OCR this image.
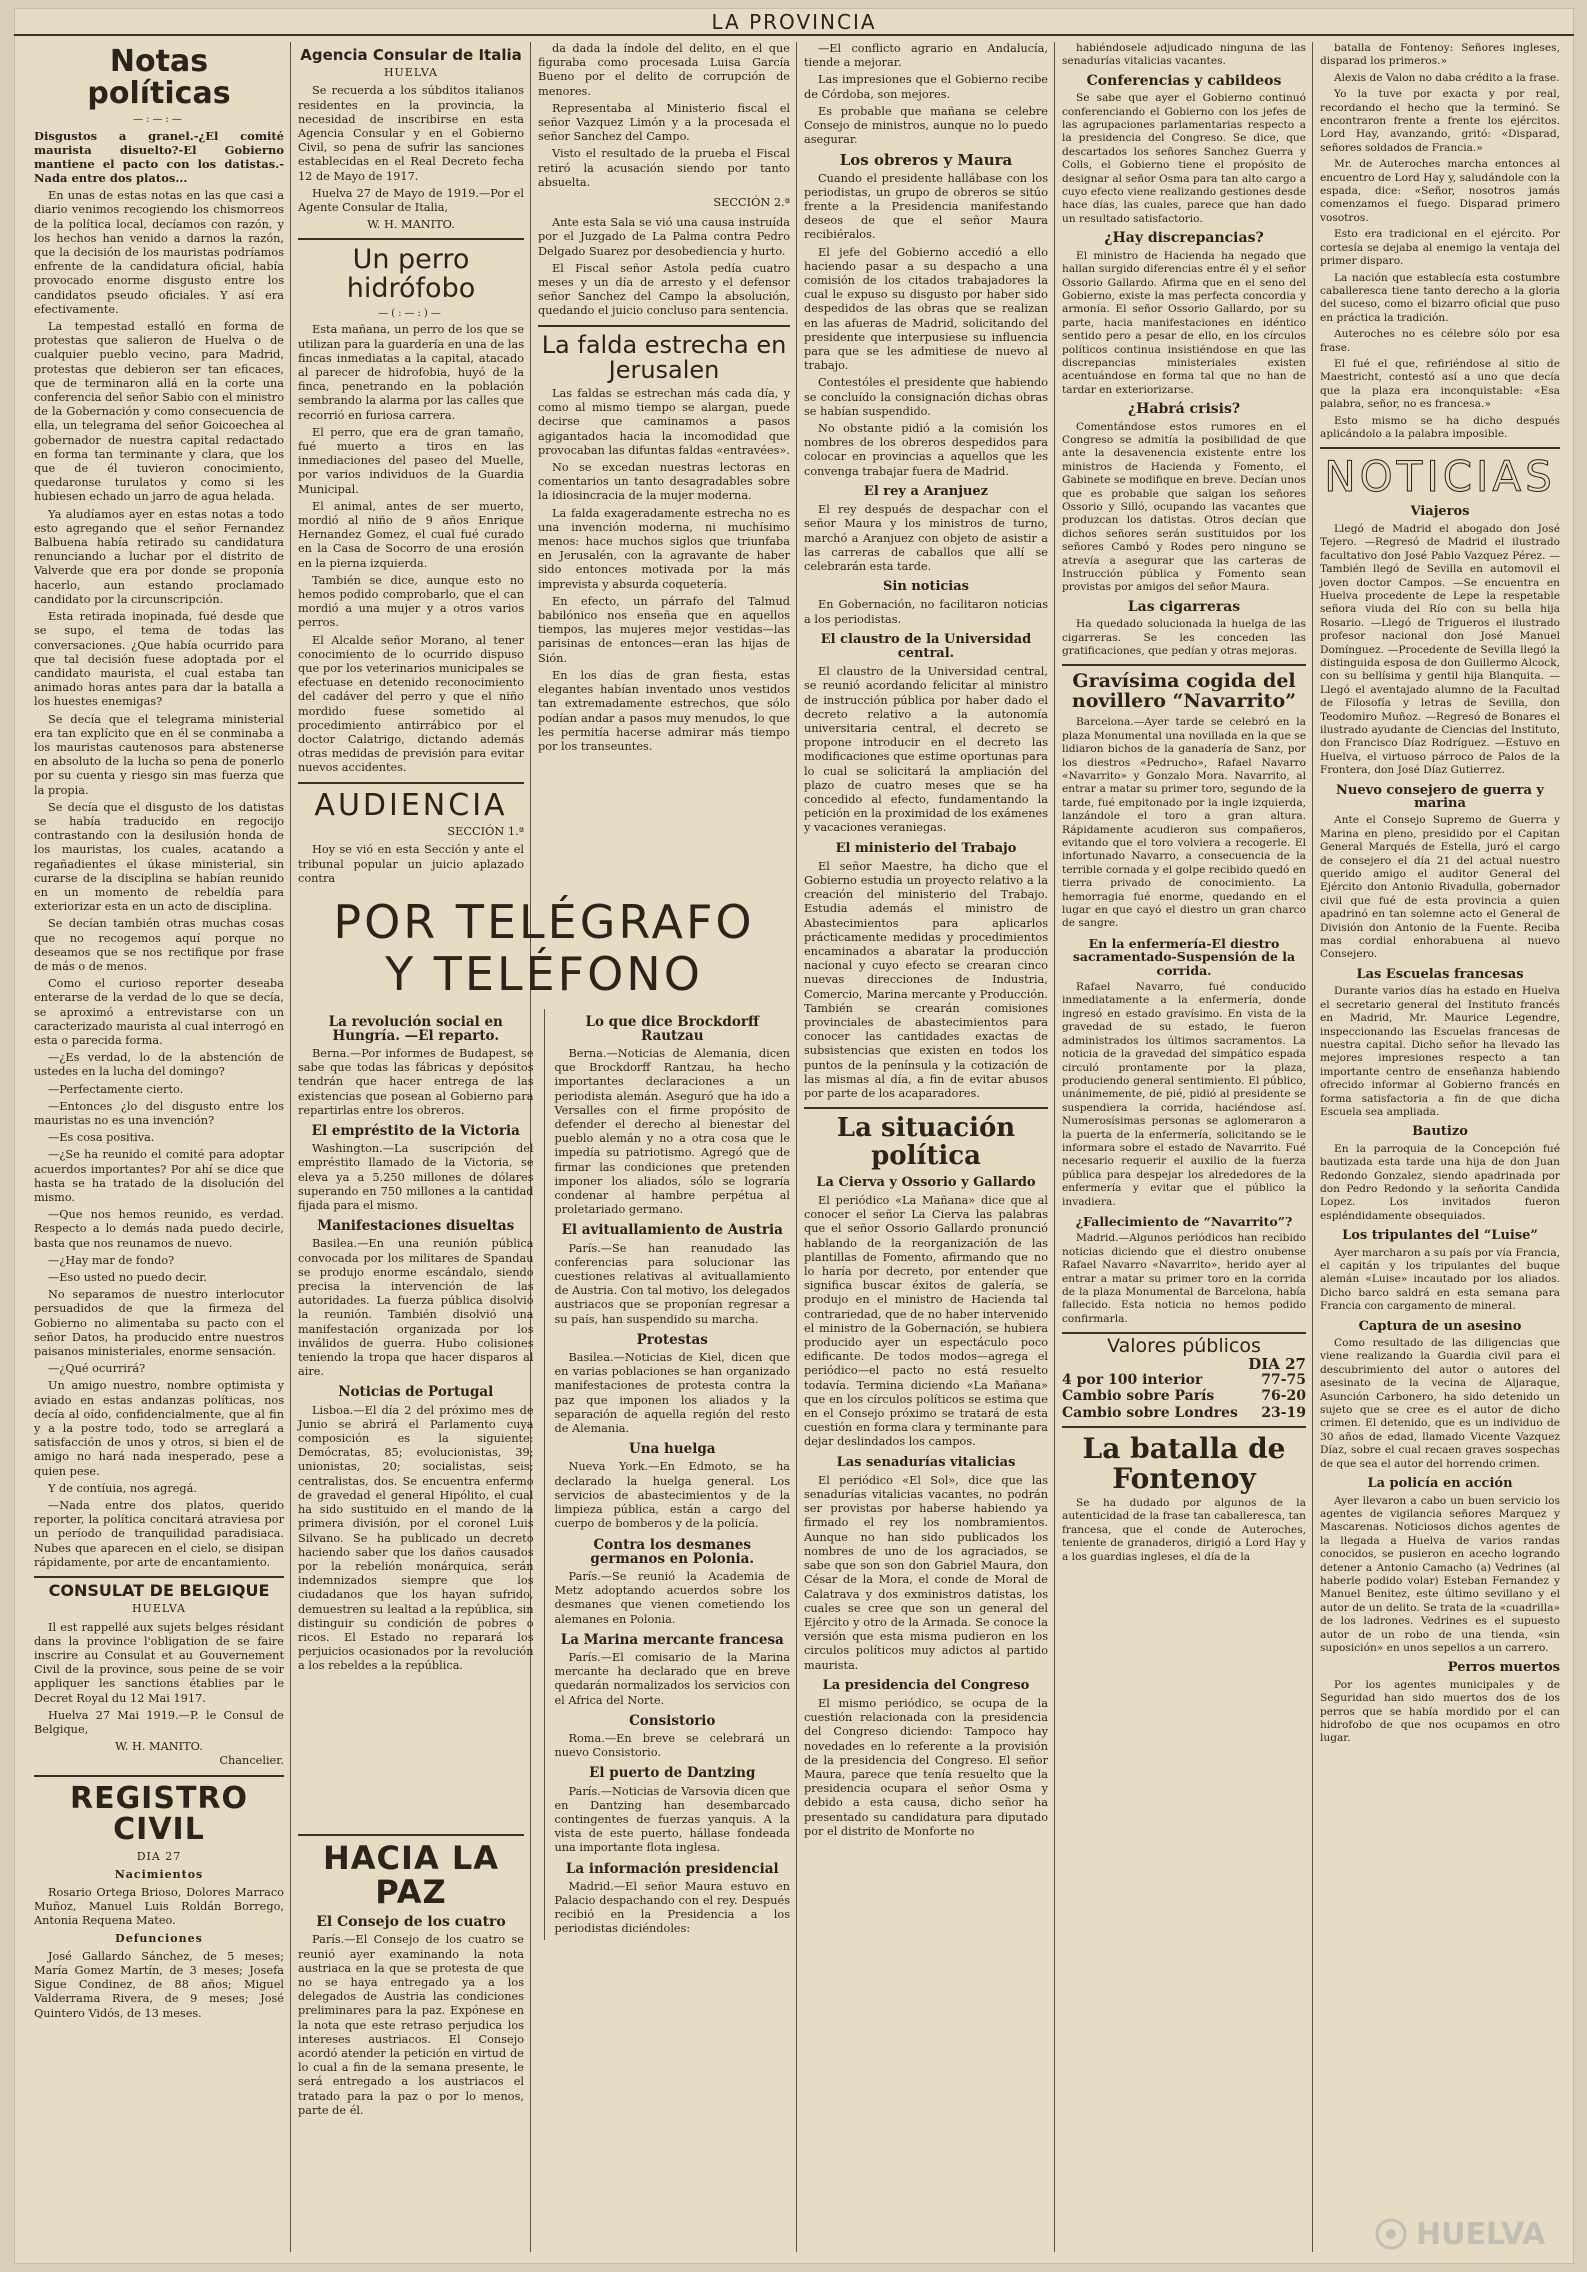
LA PROVINCIA
Notas políticas
—:—:—
Disgustos a granel.-¿El comité maurista disuelto?-El Gobierno mantiene el pacto con los datistas.-Nada entre dos platos...

En unas de estas notas en las que casi a diario venimos recogiendo los chismorreos de la política local, decíamos con razón, y los hechos han venido a darnos la razón, que la decisión de los mauristas podríamos enfrente de la candidatura oficial, había provocado enorme disgusto entre los candidatos pseudo oficiales. Y así era efectivamente.

La tempestad estalló en forma de protestas que salieron de Huelva o de cualquier pueblo vecino, para Madrid, protestas que debieron ser tan eficaces, que de terminaron allá en la corte una conferencia del señor Sabio con el ministro de la Gobernación y como consecuencia de ella, un telegrama del señor Goicoechea al gobernador de nuestra capital redactado en forma tan terminante y clara, que los que de él tuvieron conocimiento, quedaronse turulatos y como si les hubiesen echado un jarro de agua helada.

Ya aludíamos ayer en estas notas a todo esto agregando que el señor Fernandez Balbuena había retirado su candidatura renunciando a luchar por el distrito de Valverde que era por donde se proponía hacerlo, aun estando proclamado candidato por la circunscripción.

Esta retirada inopinada, fué desde que se supo, el tema de todas las conversaciones. ¿Que había ocurrido para que tal decisión fuese adoptada por el candidato maurista, el cual estaba tan animado horas antes para dar la batalla a los huestes enemigas?

Se decía que el telegrama ministerial era tan explícito que en él se conminaba a los mauristas cautenosos para abstenerse en absoluto de la lucha so pena de ponerlo por su cuenta y riesgo sin mas fuerza que la propia.

Se decía que el disgusto de los datistas se había traducido en regocijo contrastando con la desilusión honda de los mauristas, los cuales, acatando a regañadientes el úkase ministerial, sin curarse de la disciplina se habían reunido en un momento de rebeldía para exteriorizar esta en un acto de disciplina.

Se decían también otras muchas cosas que no recogemos aquí porque no deseamos que se nos rectifique por frase de más o de menos.

Como el curioso reporter deseaba enterarse de la verdad de lo que se decía, se aproximó a entrevistarse con un caracterizado maurista al cual interrogó en esta o parecida forma.

—¿Es verdad, lo de la abstención de ustedes en la lucha del domingo?

—Perfectamente cierto.

—Entonces ¿lo del disgusto entre los mauristas no es una invención?

—Es cosa positiva.

—¿Se ha reunido el comité para adoptar acuerdos importantes? Por ahí se dice que hasta se ha tratado de la disolución del mismo.

—Que nos hemos reunido, es verdad. Respecto a lo demás nada puedo decirle, basta que nos reunamos de nuevo.

—¿Hay mar de fondo?

—Eso usted no puedo decir.

No separamos de nuestro interlocutor persuadidos de que la firmeza del Gobierno no alimentaba su pacto con el señor Datos, ha producido entre nuestros paisanos ministeriales, enorme sensación.

—¿Qué ocurrirá?

Un amigo nuestro, nombre optimista y aviado en estas andanzas políticas, nos decía al oído, confidencialmente, que al fin y a la postre todo, todo se arreglará a satisfacción de unos y otros, si bien el de amigo no hará nada inesperado, pese a quien pese.

Y de contíuia, nos agregá.

—Nada entre dos platos, querido reporter, la política concitará atraviesa por un período de tranquilidad paradisiaca. Nubes que aparecen en el cielo, se disipan rápidamente, por arte de encantamiento.

CONSULAT DE BELGIQUE
HUELVA

Il est rappellé aux sujets belges résidant dans la province l'obligation de se faire inscrire au Consulat et au Gouvernement Civil de la province, sous peine de se voir appliquer les sanctions établies par le Decret Royal du 12 Mai 1917.

Huelva 27 Mai 1919.—P. le Consul de Belgique,

W. H. MANITO.
Chancelier.
REGISTRO CIVIL
DIA 27
Nacimientos

Rosario Ortega Brioso, Dolores Marraco Muñoz, Manuel Luis Roldán Borrego, Antonia Requena Mateo.

Defunciones

José Gallardo Sánchez, de 5 meses; María Gomez Martín, de 3 meses; Josefa Sigue Condinez, de 88 años; Miguel Valderrama Rivera, de 9 meses; José Quintero Vidós, de 13 meses.

Agencia Consular de Italia
HUELVA

Se recuerda a los súbditos italianos residentes en la provincia, la necesidad de inscribirse en esta Agencia Consular y en el Gobierno Civil, so pena de sufrir las sanciones establecidas en el Real Decreto fecha 12 de Mayo de 1917.

Huelva 27 de Mayo de 1919.—Por el Agente Consular de Italia,

W. H. MANITO.
Un perro hidrófobo
—(:—:)—

Esta mañana, un perro de los que se utilizan para la guardería en una de las fincas inmediatas a la capital, atacado al parecer de hidrofobia, huyó de la finca, penetrando en la población sembrando la alarma por las calles que recorrió en furiosa carrera.

El perro, que era de gran tamaño, fué muerto a tiros en las inmediaciones del paseo del Muelle, por varios individuos de la Guardia Municipal.

El animal, antes de ser muerto, mordió al niño de 9 años Enrique Hernandez Gomez, el cual fué curado en la Casa de Socorro de una erosión en la pierna izquierda.

También se dice, aunque esto no hemos podido comprobarlo, que el can mordió a una mujer y a otros varios perros.

El Alcalde señor Morano, al tener conocimiento de lo ocurrido dispuso que por los veterinarios municipales se efectuase en detenido reconocimiento del cadáver del perro y que el niño mordido fuese sometido al procedimiento antirrábico por el doctor Calatrigo, dictando además otras medidas de previsión para evitar nuevos accidentes.

AUDIENCIA
SECCIÓN 1.ª

Hoy se vió en esta Sección y ante el tribunal popular un juicio aplazado contra

da dada la índole del delito, en el que figuraba como procesada Luisa García Bueno por el delito de corrupción de menores.

Representaba al Ministerio fiscal el señor Vazquez Limón y a la procesada el señor Sanchez del Campo.

Visto el resultado de la prueba el Fiscal retiró la acusación siendo por tanto absuelta.

SECCIÓN 2.ª

Ante esta Sala se vió una causa instruída por el Juzgado de La Palma contra Pedro Delgado Suarez por desobediencia y hurto.

El Fiscal señor Astola pedía cuatro meses y un día de arresto y el defensor señor Sanchez del Campo la absolución, quedando el juicio concluso para sentencia.

La falda estrecha en Jerusalen

Las faldas se estrechan más cada día, y como al mismo tiempo se alargan, puede decirse que caminamos a pasos agigantados hacia la incomodidad que provocaban las difuntas faldas «entravées».

No se excedan nuestras lectoras en comentarios un tanto desagradables sobre la idiosincracia de la mujer moderna.

La falda exageradamente estrecha no es una invención moderna, ni muchísimo menos: hace muchos siglos que triunfaba en Jerusalén, con la agravante de haber sido entonces motivada por la más imprevista y absurda coquetería.

En efecto, un párrafo del Talmud babilónico nos enseña que en aquellos tiempos, las mujeres mejor vestidas—las parisinas de entonces—eran las hijas de Sión.

En los días de gran fiesta, estas elegantes habían inventado unos vestidos tan extremadamente estrechos, que sólo podían andar a pasos muy menudos, lo que les permitía hacerse admirar más tiempo por los transeuntes.

POR TELÉGRAFO
Y TELÉFONO
La revolución social en Hungría. —El reparto.

Berna.—Por informes de Budapest, se sabe que todas las fábricas y depósitos tendrán que hacer entrega de las existencias que posean al Gobierno para repartirlas entre los obreros.

El empréstito de la Victoria

Washington.—La suscripción del empréstito llamado de la Victoria, se eleva ya a 5.250 millones de dólares superando en 750 millones a la cantidad fijada para el mismo.

Manifestaciones disueltas

Basilea.—En una reunión pública convocada por los militares de Spandau se produjo enorme escándalo, siendo precisa la intervención de las autoridades. La fuerza pública disolvió la reunión. También disolvió una manifestación organizada por los inválidos de guerra. Hubo colisiones teniendo la tropa que hacer disparos al aire.

Noticias de Portugal

Lisboa.—El día 2 del próximo mes de Junio se abrirá el Parlamento cuya composición es la siguiente: Demócratas, 85; evolucionistas, 39; unionistas, 20; socialistas, seis; centralistas, dos. Se encuentra enfermo de gravedad el general Hipólito, el cual ha sido sustituido en el mando de la primera división, por el coronel Luis Silvano. Se ha publicado un decreto haciendo saber que los daños causados por la rebelión monárquica, serán indemnizados siempre que los ciudadanos que los hayan sufrido, demuestren su lealtad a la república, sin distinguir su condición de pobres o ricos. El Estado no reparará los perjuicios ocasionados por la revolución a los rebeldes a la república.

Lo que dice Brockdorff Rautzau

Berna.—Noticias de Alemania, dicen que Brockdorff Rantzau, ha hecho importantes declaraciones a un periodista alemán. Aseguró que ha ido a Versalles con el firme propósito de defender el derecho al bienestar del pueblo alemán y no a otra cosa que le impedía su patriotismo. Agregó que de firmar las condiciones que pretenden imponer los aliados, sólo se lograría condenar al hambre perpétua al proletariado germano.

El avituallamiento de Austria

París.—Se han reanudado las conferencias para solucionar las cuestiones relativas al avituallamiento de Austria. Con tal motivo, los delegados austriacos que se proponían regresar a su país, han suspendido su marcha.

Protestas

Basilea.—Noticias de Kiel, dicen que en varias poblaciones se han organizado manifestaciones de protesta contra la paz que imponen los aliados y la separación de aquella región del resto de Alemania.

Una huelga

Nueva York.—En Edmoto, se ha declarado la huelga general. Los servicios de abastecimientos y de la limpieza pública, están a cargo del cuerpo de bomberos y de la policía.

Contra los desmanes germanos en Polonia.

París.—Se reunió la Academia de Metz adoptando acuerdos sobre los desmanes que vienen cometiendo los alemanes en Polonia.

La Marina mercante francesa

París.—El comisario de la Marina mercante ha declarado que en breve quedarán normalizados los servicios con el Africa del Norte.

Consistorio

Roma.—En breve se celebrará un nuevo Consistorio.

El puerto de Dantzing

París.—Noticias de Varsovia dicen que en Dantzing han desembarcado contingentes de fuerzas yanquis. A la vista de este puerto, hállase fondeada una importante flota inglesa.

La información presidencial

Madrid.—El señor Maura estuvo en Palacio despachando con el rey. Después recibió en la Presidencia a los periodistas diciéndoles:

HACIA LA PAZ
El Consejo de los cuatro

París.—El Consejo de los cuatro se reunió ayer examinando la nota austriaca en la que se protesta de que no se haya entregado ya a los delegados de Austria las condiciones preliminares para la paz. Expónese en la nota que este retraso perjudica los intereses austriacos. El Consejo acordó atender la petición en virtud de lo cual a fin de la semana presente, le será entregado a los austriacos el tratado para la paz o por lo menos, parte de él.

—El conflicto agrario en Andalucía, tiende a mejorar.

Las impresiones que el Gobierno recibe de Córdoba, son mejores.

Es probable que mañana se celebre Consejo de ministros, aunque no lo puedo asegurar.

Los obreros y Maura

Cuando el presidente hallábase con los periodistas, un grupo de obreros se sitúo frente a la Presidencia manifestando deseos de que el señor Maura recibiéralos.

El jefe del Gobierno accedió a ello haciendo pasar a su despacho a una comisión de los citados trabajadores la cual le expuso su disgusto por haber sido despedidos de las obras que se realizan en las afueras de Madrid, solicitando del presidente que interpusiese su influencia para que se les admitiese de nuevo al trabajo.

Contestóles el presidente que habiendo se concluído la consignación dichas obras se habían suspendido.

No obstante pidió a la comisión los nombres de los obreros despedidos para colocar en provincias a aquellos que les convenga trabajar fuera de Madrid.

El rey a Aranjuez

El rey después de despachar con el señor Maura y los ministros de turno, marchó a Aranjuez con objeto de asistir a las carreras de caballos que allí se celebrarán esta tarde.

Sin noticias

En Gobernación, no facilitaron noticias a los periodistas.

El claustro de la Universidad central.

El claustro de la Universidad central, se reunió acordando felicitar al ministro de instrucción pública por haber dado el decreto relativo a la autonomía universitaria central, el decreto se propone introducir en el decreto las modificaciones que estime oportunas para lo cual se solicitará la ampliación del plazo de cuatro meses que se ha concedido al efecto, fundamentando la petición en la proximidad de los exámenes y vacaciones veraniegas.

El ministerio del Trabajo

El señor Maestre, ha dicho que el Gobierno estudia un proyecto relativo a la creación del ministerio del Trabajo. Estudia además el ministro de Abastecimientos para aplicarlos prácticamente medidas y procedimientos encaminados a abaratar la producción nacional y cuyo efecto se crearan cinco nuevas direcciones de Industria, Comercio, Marina mercante y Producción. También se crearán comisiones provinciales de abastecimientos para conocer las cantidades exactas de subsistencias que existen en todos los puntos de la península y la cotización de las mismas al día, a fin de evitar abusos por parte de los acaparadores.

La situación política
La Cierva y Ossorio y Gallardo

El periódico «La Mañana» dice que al conocer el señor La Cierva las palabras que el señor Ossorio Gallardo pronunció hablando de la reorganización de las plantillas de Fomento, afirmando que no lo haría por decreto, por entender que significa buscar éxitos de galería, se produjo en el ministro de Hacienda tal contrariedad, que de no haber intervenido el ministro de la Gobernación, se hubiera producido ayer un espectáculo poco edificante. De todos modos—agrega el periódico—el pacto no está resuelto todavía. Termina diciendo «La Mañana» que en los círculos políticos se estima que en el Consejo próximo se tratará de esta cuestión en forma clara y terminante para dejar deslindados los campos.

Las senadurías vitalicias

El periódico «El Sol», dice que las senadurías vitalicias vacantes, no podrán ser provistas por haberse habiendo ya firmado el rey los nombramientos. Aunque no han sido publicados los nombres de uno de los agraciados, se sabe que son son don Gabriel Maura, don César de la Mora, el conde de Moral de Calatrava y dos exministros datistas, los cuales se cree que son un general del Ejército y otro de la Armada. Se conoce la versión que esta misma pudieron en los circulos políticos muy adictos al partido maurista.

La presidencia del Congreso

El mismo periódico, se ocupa de la cuestión relacionada con la presidencia del Congreso diciendo: Tampoco hay novedades en lo referente a la provisión de la presidencia del Congreso. El señor Maura, parece que tenía resuelto que la presidencia ocupara el señor Osma y debido a esta causa, dicho señor ha presentado su candidatura para diputado por el distrito de Monforte no

habiéndosele adjudicado ninguna de las senadurías vitalicias vacantes.

Conferencias y cabildeos

Se sabe que ayer el Gobierno continuó conferenciando el Gobierno con los jefes de las agrupaciones parlamentarias respecto a la presidencia del Congreso. Se dice, que descartados los señores Sanchez Guerra y Colls, el Gobierno tiene el propósito de designar al señor Osma para tan alto cargo a cuyo efecto viene realizando gestiones desde hace días, las cuales, parece que han dado un resultado satisfactorio.

¿Hay discrepancias?

El ministro de Hacienda ha negado que hallan surgido diferencias entre él y el señor Ossorio Gallardo. Afirma que en el seno del Gobierno, existe la mas perfecta concordia y armonía. El señor Ossorio Gallardo, por su parte, hacia manifestaciones en idéntico sentido pero a pesar de ello, en los círculos políticos continua insistiéndose en que las discrepancias ministeriales existen acentuándose en forma tal que no han de tardar en exteriorizarse.

¿Habrá crisis?

Comentándose estos rumores en el Congreso se admitía la posibilidad de que ante la desavenencia existente entre los ministros de Hacienda y Fomento, el Gabinete se modifique en breve. Decían unos que es probable que salgan los señores Ossorio y Silló, ocupando las vacantes que produzcan los datistas. Otros decían que dichos señores serán sustituidos por los señores Cambó y Rodes pero ninguno se atrevía a asegurar que las carteras de Instrucción pública y Fomento sean provistas por amigos del señor Maura.

Las cigarreras

Ha quedado solucionada la huelga de las cigarreras. Se les conceden las gratificaciones, que pedían y otras mejoras.

Gravísima cogida del novillero “Navarrito”

Barcelona.—Ayer tarde se celebró en la plaza Monumental una novillada en la que se lidiaron bichos de la ganadería de Sanz, por los diestros «Pedrucho», Rafael Navarro «Navarrito» y Gonzalo Mora. Navarrito, al entrar a matar su primer toro, segundo de la tarde, fué empitonado por la ingle izquierda, lanzándole el toro a gran altura. Rápidamente acudieron sus compañeros, evitando que el toro volviera a recogerle. El infortunado Navarro, a consecuencia de la terrible cornada y el golpe recibido quedó en tierra privado de conocimiento. La hemorragia fué enorme, quedando en el lugar en que cayó el diestro un gran charco de sangre.

En la enfermería-El diestro sacramentado-Suspensión de la corrida.

Rafael Navarro, fué conducido inmediatamente a la enfermería, donde ingresó en estado gravísimo. En vista de la gravedad de su estado, le fueron administrados los últimos sacramentos. La noticia de la gravedad del simpático espada circuló prontamente por la plaza, produciendo general sentimiento. El público, unánimemente, de pié, pidió al presidente se suspendiera la corrida, haciéndose así. Numerosísimas personas se aglomeraron a la puerta de la enfermería, solicitando se le informara sobre el estado de Navarrito. Fué necesario requerir el auxilio de la fuerza pública para despejar los alrededores de la enfermería y evitar que el público la invadiera.

¿Fallecimiento de “Navarrito”?

Madrid.—Algunos periódicos han recibido noticias diciendo que el diestro onubense Rafael Navarro «Navarrito», herido ayer al entrar a matar su primer toro en la corrida de la plaza Monumental de Barcelona, había fallecido. Esta noticia no hemos podido confirmarla.

Valores públicos
DIA 27
4 por 100 interior	77-75
Cambio sobre París	76-20
Cambio sobre Londres 23-19
La batalla de Fontenoy

Se ha dudado por algunos de la autenticidad de la frase tan caballeresca, tan francesa, que el conde de Auteroches, teniente de granaderos, dirigió a Lord Hay y a los guardias ingleses, el día de la

batalla de Fontenoy: Señores ingleses, disparad los primeros.»

Alexis de Valon no daba crédito a la frase.

Yo la tuve por exacta y por real, recordando el hecho que la terminó. Se encontraron frente a frente los ejércitos. Lord Hay, avanzando, gritó: «Disparad, señores soldados de Francia.»

Mr. de Auteroches marcha entonces al encuentro de Lord Hay y, saludándole con la espada, dice: «Señor, nosotros jamás comenzamos el fuego. Disparad primero vosotros.

Esto era tradicional en el ejército. Por cortesía se dejaba al enemigo la ventaja del primer disparo.

La nación que establecía esta costumbre caballeresca tiene tanto derecho a la gloria del suceso, como el bizarro oficial que puso en práctica la tradición.

Auteroches no es célebre sólo por esa frase.

El fué el que, refiriéndose al sitio de Maestricht, contestó así a uno que decía que la plaza era inconquistable: «Esa palabra, señor, no es francesa.»

Esto mismo se ha dicho después aplicándolo a la palabra imposible.

NOTICIAS
Viajeros

Llegó de Madrid el abogado don José Tejero. —Regresó de Madrid el ilustrado facultativo don José Pablo Vazquez Pérez. —También llegó de Sevilla en automovil el joven doctor Campos. —Se encuentra en Huelva procedente de Lepe la respetable señora viuda del Río con su bella hija Rosario. —Llegó de Trigueros el ilustrado profesor nacional don José Manuel Domínguez. —Procedente de Sevilla llegó la distinguida esposa de don Guillermo Alcock, con su bellísima y gentil hija Blanquita. —Llegó el aventajado alumno de la Facultad de Filosofía y letras de Sevilla, don Teodomiro Muñoz. —Regresó de Bonares el ilustrado ayudante de Ciencias del Instituto, don Francisco Díaz Rodríguez. —Estuvo en Huelva, el virtuoso párroco de Palos de la Frontera, don José Díaz Gutierrez.

Nuevo consejero de guerra y marina

Ante el Consejo Supremo de Guerra y Marina en pleno, presidido por el Capitan General Marqués de Estella, juró el cargo de consejero el día 21 del actual nuestro querido amigo el auditor General del Ejército don Antonio Rivadulla, gobernador civil que fué de esta provincia a quien apadrinó en tan solemne acto el General de División don Antonio de la Fuente. Reciba mas cordial enhorabuena al nuevo Consejero.

Las Escuelas francesas

Durante varios días ha estado en Huelva el secretario general del Instituto francés en Madrid, Mr. Maurice Legendre, inspeccionando las Escuelas francesas de nuestra capital. Dicho señor ha llevado las mejores impresiones respecto a tan importante centro de enseñanza habiendo ofrecido informar al Gobierno francés en forma satisfactoria a fin de que dicha Escuela sea ampliada.

Bautizo

En la parroquia de la Concepción fué bautizada esta tarde una hija de don Juan Redondo Gonzalez, siendo apadrinada por don Pedro Redondo y la señorita Candida Lopez. Los invitados fueron espléndidamente obsequiados.

Los tripulantes del “Luise”

Ayer marcharon a su país por vía Francia, el capitán y los tripulantes del buque alemán «Luise» incautado por los aliados. Dicho barco saldrá en esta semana para Francia con cargamento de mineral.

Captura de un asesino

Como resultado de las diligencias que viene realizando la Guardia civil para el descubrimiento del autor o autores del asesinato de la vecina de Aljaraque, Asunción Carbonero, ha sido detenido un sujeto que se cree es el autor de dicho crimen. El detenido, que es un individuo de 30 años de edad, llamado Vicente Vazquez Díaz, sobre el cual recaen graves sospechas de que sea el autor del horrendo crimen.

La policía en acción

Ayer llevaron a cabo un buen servicio los agentes de vigilancia señores Marquez y Mascarenas. Noticiosos dichos agentes de la llegada a Huelva de varios randas conocidos, se pusieron en acecho logrando detener a Antonio Camacho (a) Vedrines (al haberle podido volar) Esteban Fernandez y Manuel Benitez, este último sevillano y el autor de un delito. Se trata de la «cuadrilla» de los ladrones. Vedrines es el supuesto autor de un robo de una tienda, «sin suposición» en unos sepelios a un carrero.

Perros muertos

Por los agentes municipales y de Seguridad han sido muertos dos de los perros que se había mordido por el can hidrofobo de que nos ocupamos en otro lugar.

HUELVA
